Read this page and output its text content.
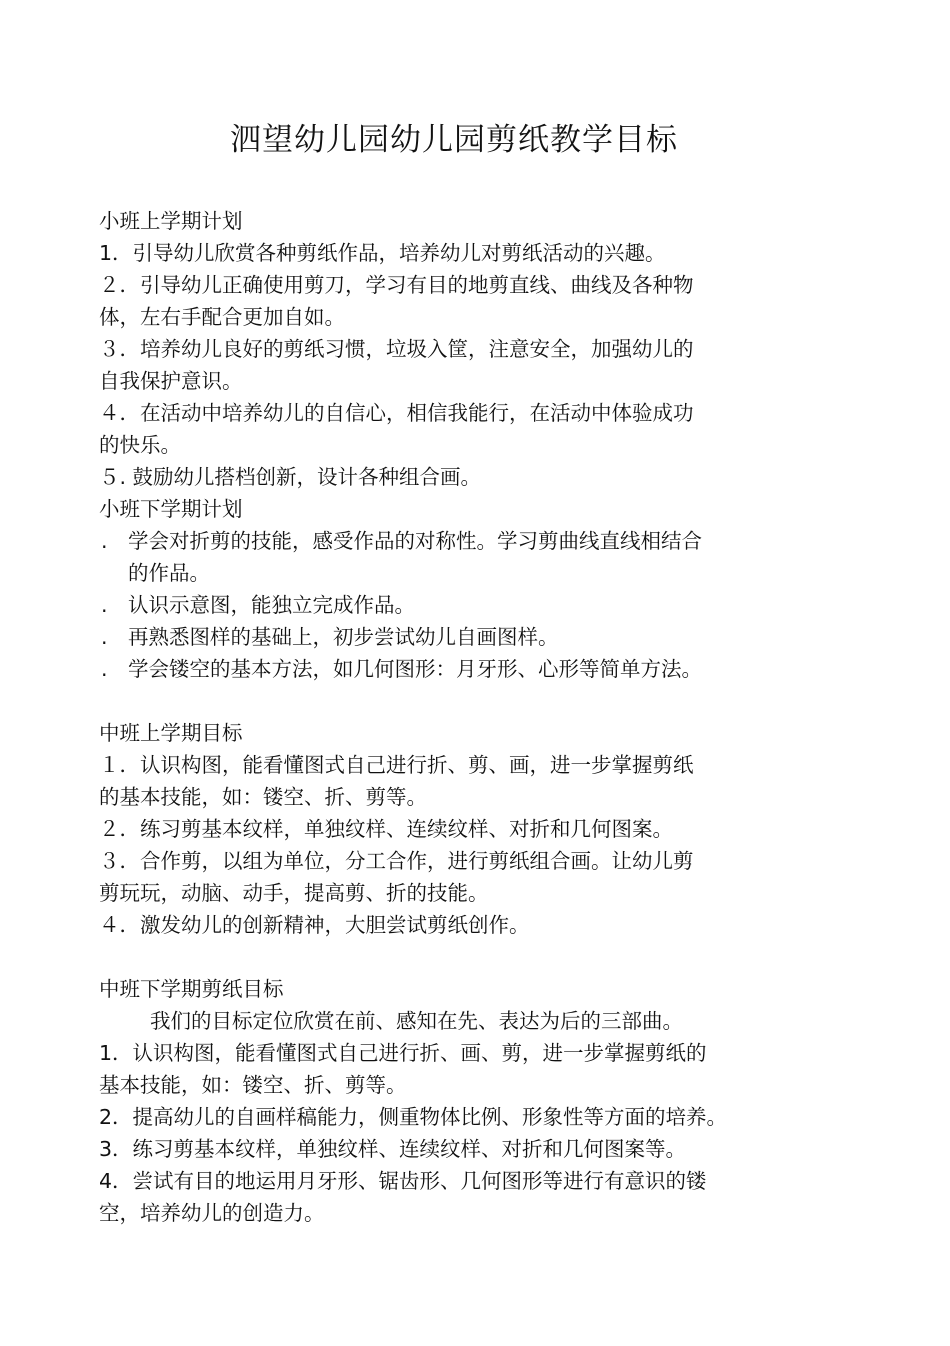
泗望幼儿园幼儿园剪纸教学目标
小班上学期计划
1．引导幼儿欣赏各种剪纸作品，培养幼儿对剪纸活动的兴趣。
２．引导幼儿正确使用剪刀，学习有目的地剪直线、曲线及各种物
体，左右手配合更加自如。
３．培养幼儿良好的剪纸习惯，垃圾入筐，注意安全，加强幼儿的
自我保护意识。
４．在活动中培养幼儿的自信心，相信我能行，在活动中体验成功
的快乐。
５. 鼓励幼儿搭档创新，设计各种组合画。
小班下学期计划
. 学会对折剪的技能，感受作品的对称性。学习剪曲线直线相结合
的作品。
. 认识示意图，能独立完成作品。
. 再熟悉图样的基础上，初步尝试幼儿自画图样。
. 学会镂空的基本方法，如几何图形：月牙形、心形等简单方法。
中班上学期目标
１．认识构图，能看懂图式自己进行折、剪、画，进一步掌握剪纸
的基本技能，如：镂空、折、剪等。
２．练习剪基本纹样，单独纹样、连续纹样、对折和几何图案。
３．合作剪，以组为单位，分工合作，进行剪纸组合画。让幼儿剪
剪玩玩，动脑、动手，提高剪、折的技能。
４．激发幼儿的创新精神，大胆尝试剪纸创作。
中班下学期剪纸目标
我们的目标定位欣赏在前、感知在先、表达为后的三部曲。
1．认识构图，能看懂图式自己进行折、画、剪，进一步掌握剪纸的
基本技能，如：镂空、折、剪等。
2．提高幼儿的自画样稿能力，侧重物体比例、形象性等方面的培养。
3．练习剪基本纹样，单独纹样、连续纹样、对折和几何图案等。
4．尝试有目的地运用月牙形、锯齿形、几何图形等进行有意识的镂
空，培养幼儿的创造力。
